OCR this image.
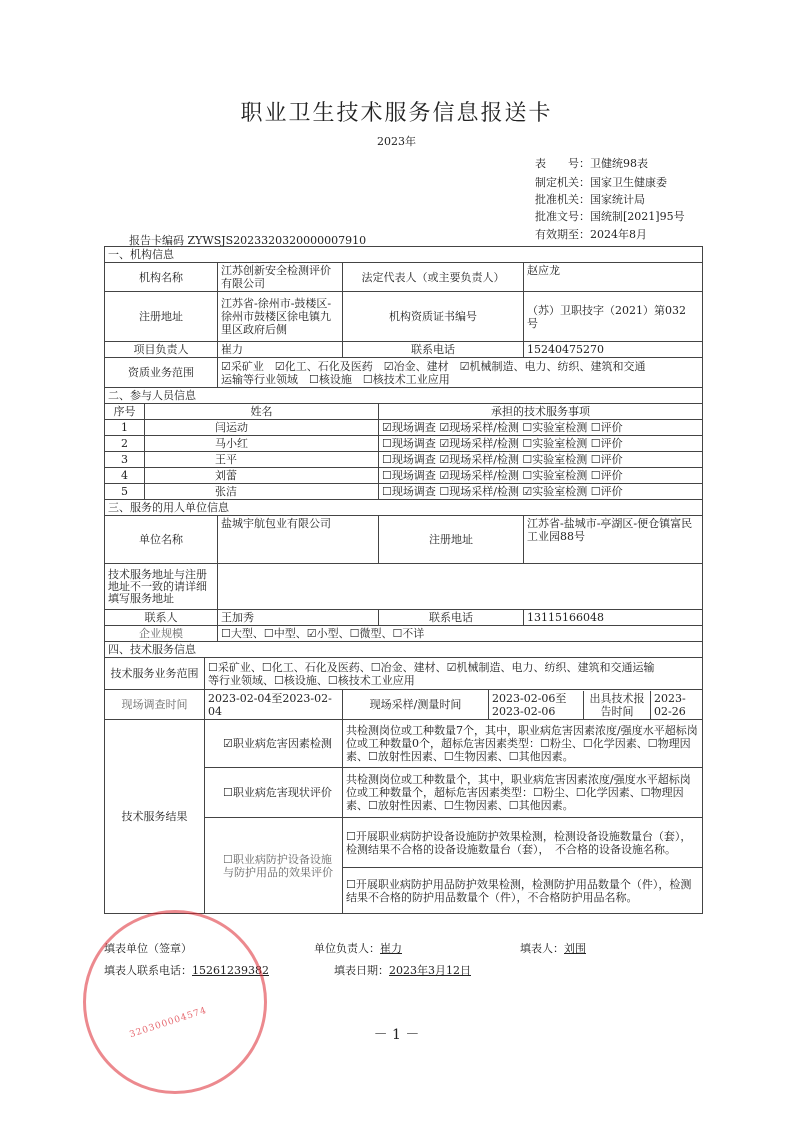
职业卫生技术服务信息报送卡
2023年
表　　号：卫健统98表
制定机关：国家卫生健康委
批准机关：国家统计局
批准文号：国统制[2021]95号
有效期至：2024年8月
报告卡编码 ZYWSJS2023320320000007910
一、机构信息
机构名称	江苏创新安全检测评价有限公司	法定代表人（或主要负责人）	赵应龙
注册地址	江苏省-徐州市-鼓楼区-徐州市鼓楼区徐电镇九里区政府后侧	机构资质证书编号	（苏）卫职技字（2021）第032　号
项目负责人	崔力	联系电话	15240475270
资质业务范围	☑采矿业　☑化工、石化及医药　☑冶金、建材　☑机械制造、电力、纺织、建筑和交通
运输等行业领域　☐核设施　☐核技术工业应用

二、参与人员信息
序号	姓名	承担的技术服务事项
1	闫运动	☑现场调查 ☑现场采样/检测 ☐实验室检测 ☐评价
2	马小红	☐现场调查 ☑现场采样/检测 ☐实验室检测 ☐评价
3	王平	☐现场调查 ☑现场采样/检测 ☐实验室检测 ☐评价
4	刘蕾	☐现场调查 ☑现场采样/检测 ☐实验室检测 ☐评价
5	张洁	☐现场调查 ☐现场采样/检测 ☑实验室检测 ☐评价
三、服务的用人单位信息
单位名称	盐城宇航包业有限公司	注册地址	江苏省-盐城市-亭湖区-便仓镇富民工业园88号
技术服务地址与注册地址不一致的请详细填写服务地址	
联系人	王加秀	联系电话	13115166048
企业规模	☐大型、☐中型、☑小型、☐微型、☐不详
四、技术服务信息
技术服务业务范围	☐采矿业、☐化工、石化及医药、☐冶金、建材、☑机械制造、电力、纺织、建筑和交通运输
等行业领域、☐核设施、☐核技术工业应用

现场调查时间	2023-02-04至2023-02-04	现场采样/测量时间		2023-02-06至2023-02-06	出具技术报告时间	2023-02-26

技术服务结果	☑职业病危害因素检测	共检测岗位或工种数量7个，其中，职业病危害因素浓度/强度水平超标岗位或工种数量0个，超标危害因素类型：☐粉尘、☐化学因素、☐物理因素、☐放射性因素、☐生物因素、☐其他因素。
☐职业病危害现状评价	共检测岗位或工种数量个，其中，职业病危害因素浓度/强度水平超标岗位或工种数量个，超标危害因素类型：☐粉尘、☐化学因素、☐物理因素、☐放射性因素、☐生物因素、☐其他因素。
☐职业病防护设备设施与防护用品的效果评价	☐开展职业病防护设备设施防护效果检测，检测设备设施数量台（套），检测结果不合格的设备设施数量台（套），　不合格的设备设施名称。
☐开展职业病防护用品防护效果检测，检测防护用品数量个（件），检测结果不合格的防护用品数量个（件），不合格防护用品名称。
填表单位（签章）	单位负责人：崔力	填表人：刘围
填表人联系电话：15261239382	填表日期：2023年3月12日
320300004574	－ 1 －
